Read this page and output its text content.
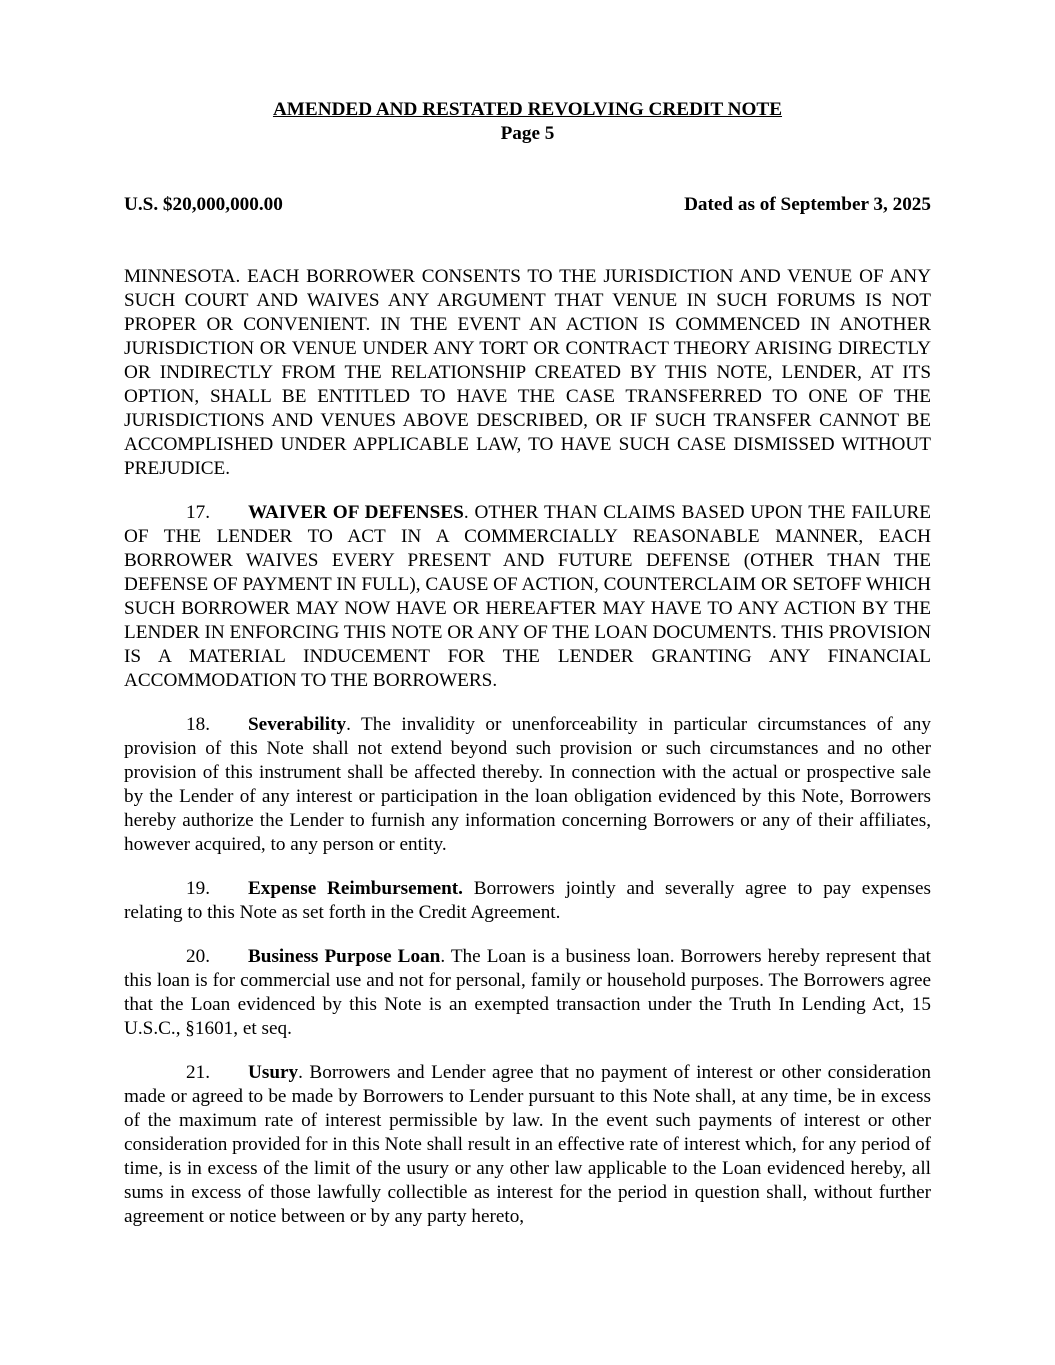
AMENDED AND RESTATED REVOLVING CREDIT NOTE

Page 5

U.S. $20,000,000.00	Dated as of September 3, 2025

MINNESOTA. EACH BORROWER CONSENTS TO THE JURISDICTION AND VENUE OF ANY SUCH COURT AND WAIVES ANY ARGUMENT THAT VENUE IN SUCH FORUMS IS NOT PROPER OR CONVENIENT. IN THE EVENT AN ACTION IS COMMENCED IN ANOTHER JURISDICTION OR VENUE UNDER ANY TORT OR CONTRACT THEORY ARISING DIRECTLY OR INDIRECTLY FROM THE RELATIONSHIP CREATED BY THIS NOTE, LENDER, AT ITS OPTION, SHALL BE ENTITLED TO HAVE THE CASE TRANSFERRED TO ONE OF THE JURISDICTIONS AND VENUES ABOVE DESCRIBED, OR IF SUCH TRANSFER CANNOT BE ACCOMPLISHED UNDER APPLICABLE LAW, TO HAVE SUCH CASE DISMISSED WITHOUT PREJUDICE.

17. WAIVER OF DEFENSES. OTHER THAN CLAIMS BASED UPON THE FAILURE OF THE LENDER TO ACT IN A COMMERCIALLY REASONABLE MANNER, EACH BORROWER WAIVES EVERY PRESENT AND FUTURE DEFENSE (OTHER THAN THE DEFENSE OF PAYMENT IN FULL), CAUSE OF ACTION, COUNTERCLAIM OR SETOFF WHICH SUCH BORROWER MAY NOW HAVE OR HEREAFTER MAY HAVE TO ANY ACTION BY THE LENDER IN ENFORCING THIS NOTE OR ANY OF THE LOAN DOCUMENTS. THIS PROVISION IS A MATERIAL INDUCEMENT FOR THE LENDER GRANTING ANY FINANCIAL ACCOMMODATION TO THE BORROWERS.

18. Severability. The invalidity or unenforceability in particular circumstances of any provision of this Note shall not extend beyond such provision or such circumstances and no other provision of this instrument shall be affected thereby. In connection with the actual or prospective sale by the Lender of any interest or participation in the loan obligation evidenced by this Note, Borrowers hereby authorize the Lender to furnish any information concerning Borrowers or any of their affiliates, however acquired, to any person or entity.

19. Expense Reimbursement. Borrowers jointly and severally agree to pay expenses relating to this Note as set forth in the Credit Agreement.

20. Business Purpose Loan. The Loan is a business loan. Borrowers hereby represent that this loan is for commercial use and not for personal, family or household purposes. The Borrowers agree that the Loan evidenced by this Note is an exempted transaction under the Truth In Lending Act, 15 U.S.C., §1601, et seq.

21. Usury. Borrowers and Lender agree that no payment of interest or other consideration made or agreed to be made by Borrowers to Lender pursuant to this Note shall, at any time, be in excess of the maximum rate of interest permissible by law. In the event such payments of interest or other consideration provided for in this Note shall result in an effective rate of interest which, for any period of time, is in excess of the limit of the usury or any other law applicable to the Loan evidenced hereby, all sums in excess of those lawfully collectible as interest for the period in question shall, without further agreement or notice between or by any party hereto,
